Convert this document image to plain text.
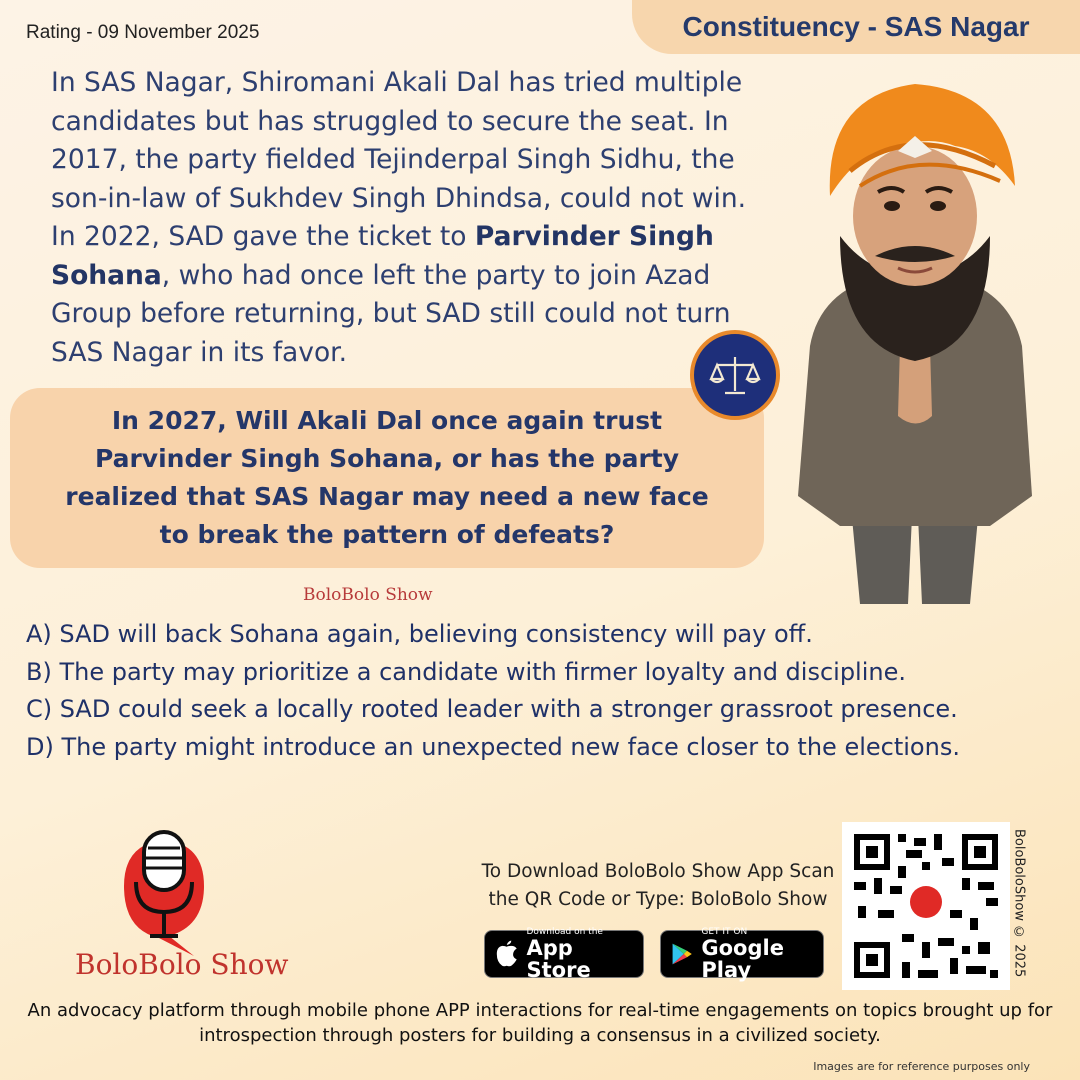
Rating - 09 November 2025	Constituency - SAS Nagar
In SAS Nagar, Shiromani Akali Dal has tried multiple candidates but has struggled to secure the seat. In 2017, the party fielded Tejinderpal Singh Sidhu, the son-in-law of Sukhdev Singh Dhindsa, could not win. In 2022, SAD gave the ticket to Parvinder Singh Sohana, who had once left the party to join Azad Group before returning, but SAD still could not turn SAS Nagar in its favor.
In 2027, Will Akali Dal once again trust Parvinder Singh Sohana, or has the party realized that SAS Nagar may need a new face to break the pattern of defeats?
BoloBolo Show
A) SAD will back Sohana again, believing consistency will pay off.
B) The party may prioritize a candidate with firmer loyalty and discipline.
C) SAD could seek a locally rooted leader with a stronger grassroot presence.
D) The party might introduce an unexpected new face closer to the elections.
BoloBolo Show
To Download BoloBolo Show App Scan the QR Code or Type: BoloBolo Show
Download on the
App Store
GET IT ON
Google Play	BoloBoloShow © 2025
An advocacy platform through mobile phone APP interactions for real-time engagements on topics brought up for introspection through posters for building a consensus in a civilized society.
Images are for reference purposes only
